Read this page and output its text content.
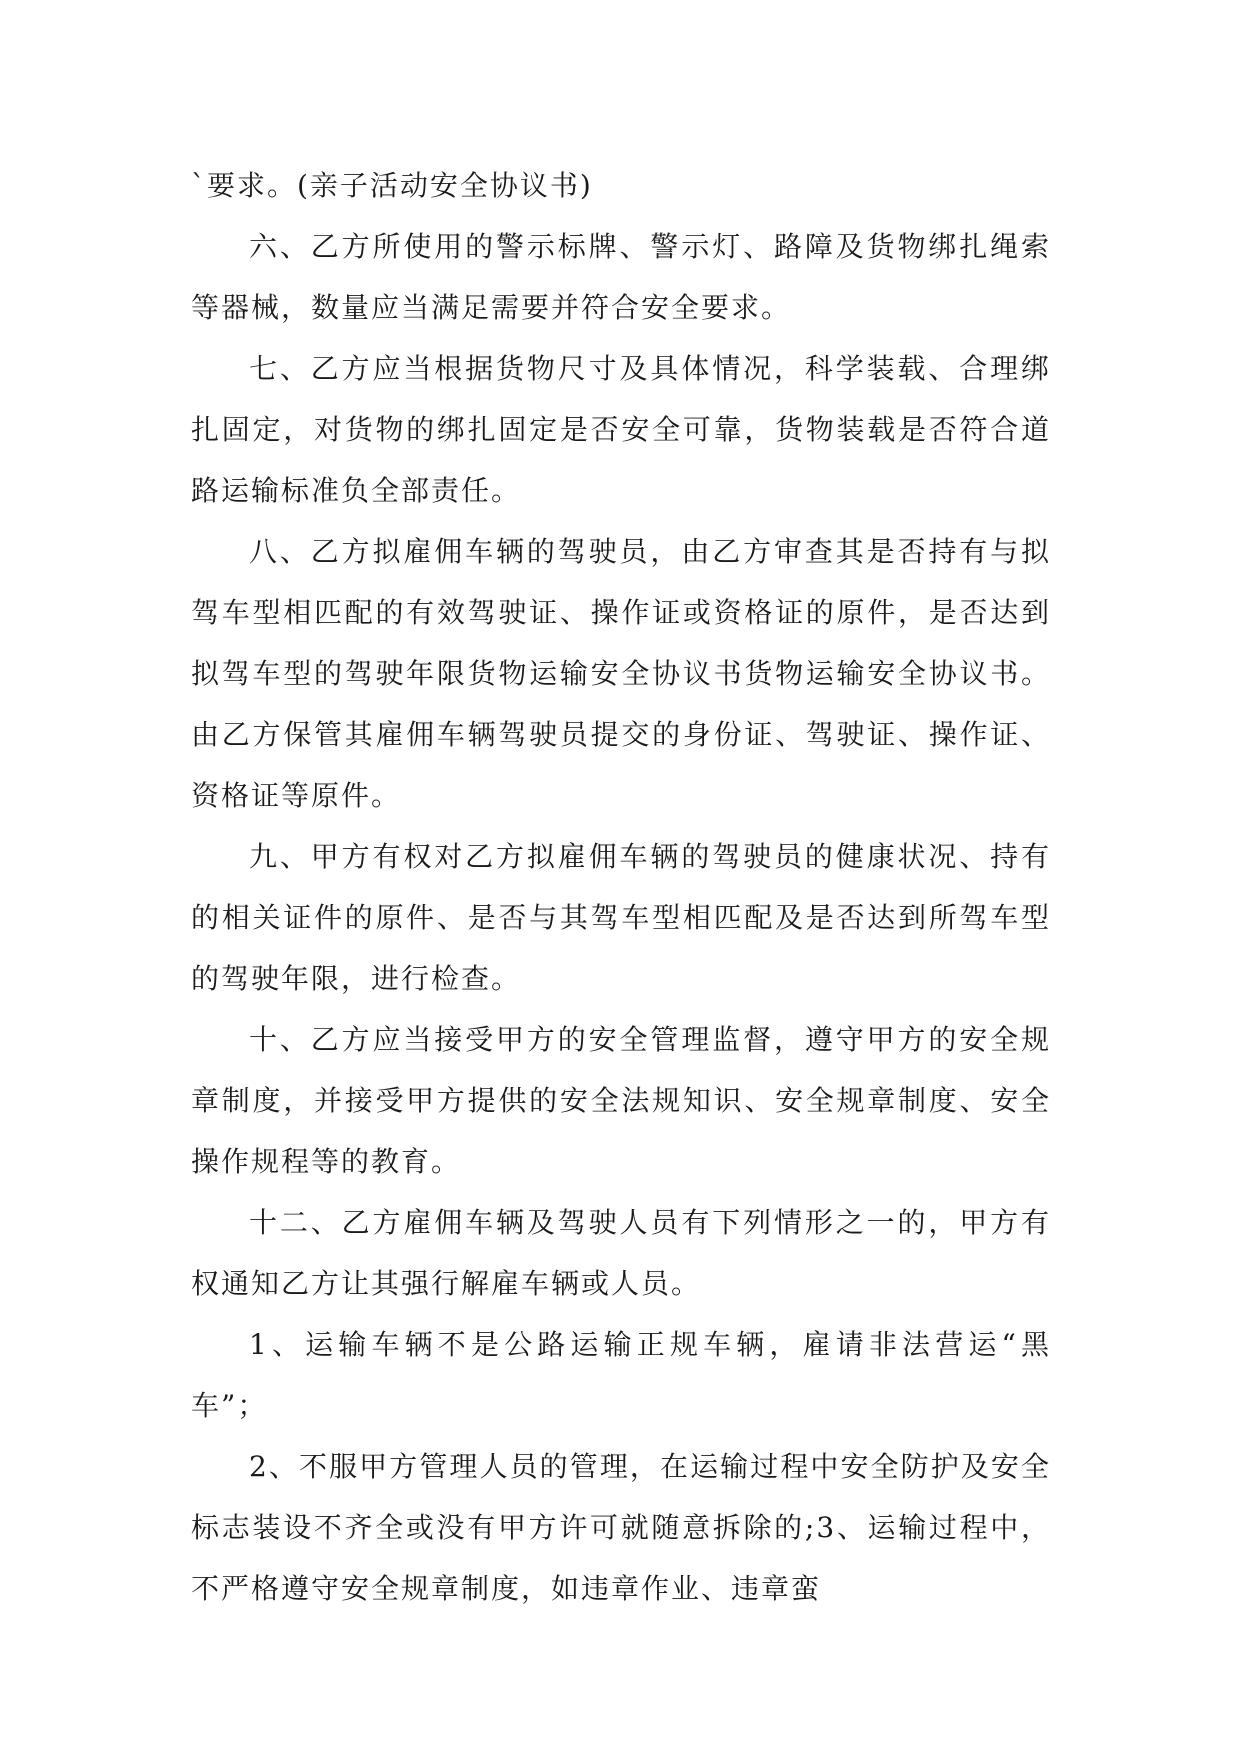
`要求。(亲子活动安全协议书)

六、乙方所使用的警示标牌、警示灯、路障及货物绑扎绳索等器械，数量应当满足需要并符合安全要求。

七、乙方应当根据货物尺寸及具体情况，科学装载、合理绑扎固定，对货物的绑扎固定是否安全可靠，货物装载是否符合道路运输标准负全部责任。

八、乙方拟雇佣车辆的驾驶员，由乙方审查其是否持有与拟驾车型相匹配的有效驾驶证、操作证或资格证的原件，是否达到拟驾车型的驾驶年限货物运输安全协议书货物运输安全协议书。由乙方保管其雇佣车辆驾驶员提交的身份证、驾驶证、操作证、资格证等原件。

九、甲方有权对乙方拟雇佣车辆的驾驶员的健康状况、持有的相关证件的原件、是否与其驾车型相匹配及是否达到所驾车型的驾驶年限，进行检查。

十、乙方应当接受甲方的安全管理监督，遵守甲方的安全规章制度，并接受甲方提供的安全法规知识、安全规章制度、安全操作规程等的教育。

十二、乙方雇佣车辆及驾驶人员有下列情形之一的，甲方有权通知乙方让其强行解雇车辆或人员。

1、运输车辆不是公路运输正规车辆，雇请非法营运“黑车”；

2、不服甲方管理人员的管理，在运输过程中安全防护及安全标志装设不齐全或没有甲方许可就随意拆除的;3、运输过程中，不严格遵守安全规章制度，如违章作业、违章蛮
